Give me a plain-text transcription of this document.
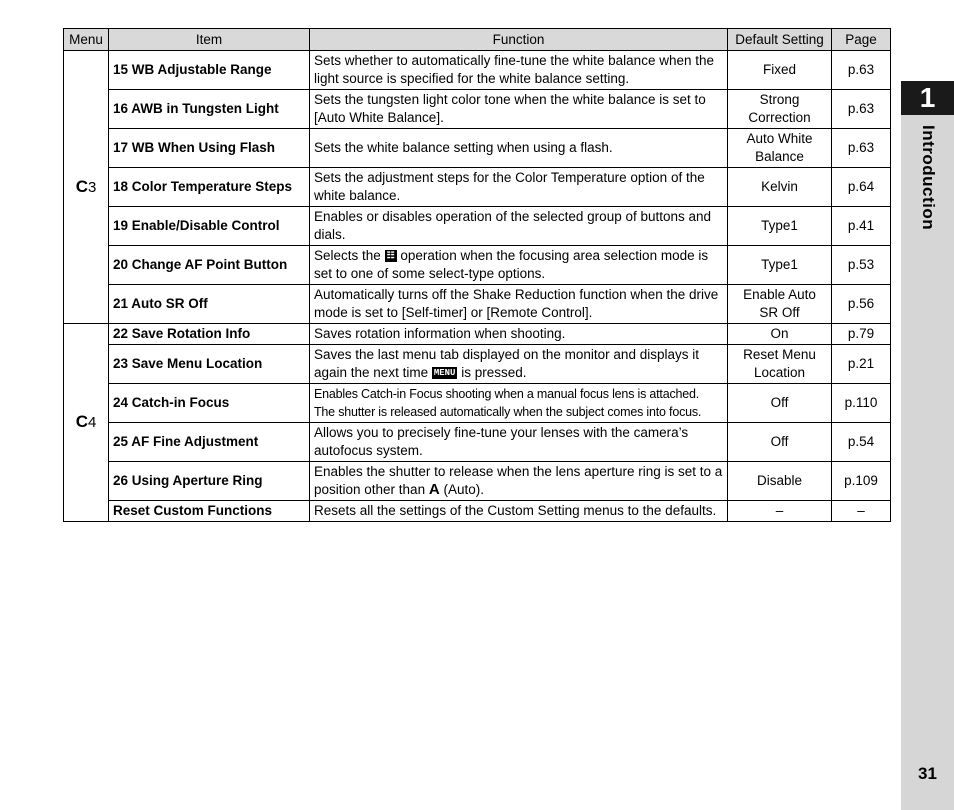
Menu	Item	Function	Default Setting	Page
C3	15 WB Adjustable Range	Sets whether to automatically fine-tune the white balance when the light source is specified for the white balance setting.	Fixed	p.63
	16 AWB in Tungsten Light	Sets the tungsten light color tone when the white balance is set to [Auto White Balance].	Strong Correction	p.63
	17 WB When Using Flash	Sets the white balance setting when using a flash.	Auto White Balance	p.63
	18 Color Temperature Steps	Sets the adjustment steps for the Color Temperature option of the white balance.	Kelvin	p.64
	19 Enable/Disable Control	Enables or disables operation of the selected group of buttons and dials.	Type1	p.41
	20 Change AF Point Button	Selects the ☷ operation when the focusing area selection mode is set to one of some select-type options.	Type1	p.53
	21 Auto SR Off	Automatically turns off the Shake Reduction function when the drive mode is set to [Self-timer] or [Remote Control].	Enable Auto SR Off	p.56
C4	22 Save Rotation Info	Saves rotation information when shooting.	On	p.79
	23 Save Menu Location	Saves the last menu tab displayed on the monitor and displays it again the next time MENU is pressed.	Reset Menu Location	p.21
	24 Catch-in Focus	Enables Catch-in Focus shooting when a manual focus lens is attached. The shutter is released automatically when the subject comes into focus.	Off	p.110
	25 AF Fine Adjustment	Allows you to precisely fine-tune your lenses with the camera’s autofocus system.	Off	p.54
	26 Using Aperture Ring	Enables the shutter to release when the lens aperture ring is set to a position other than A (Auto).	Disable	p.109
	Reset Custom Functions	Resets all the settings of the Custom Setting menus to the defaults.	–	–
1
Introduction
31
